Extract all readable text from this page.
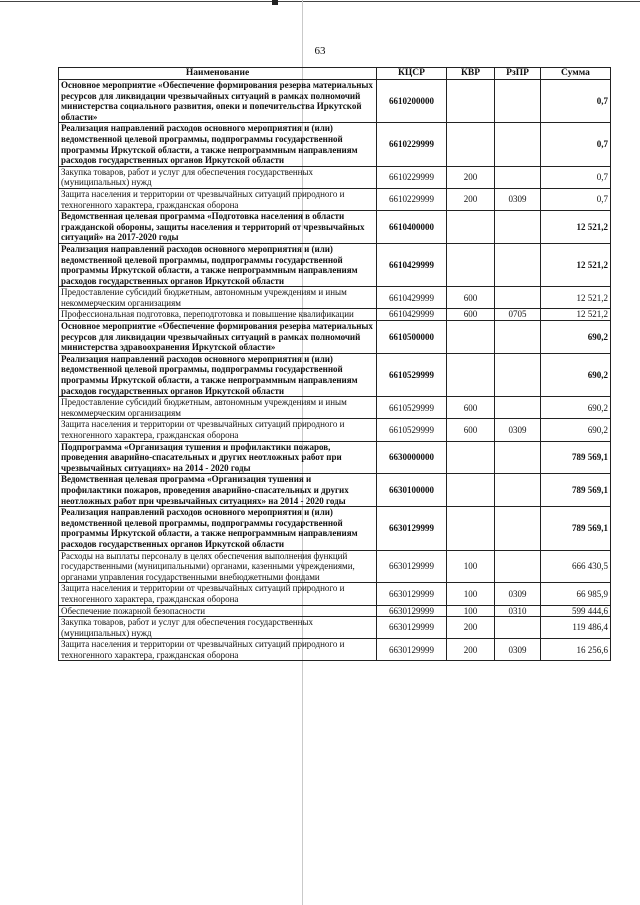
63
Наименование	КЦСР	КВР	РзПР	Сумма
Основное мероприятие «Обеспечение формирования резерва материальных ресурсов для ликвидации чрезвычайных ситуаций в рамках полномочий министерства социального развития, опеки и попечительства Иркутской области»	6610200000			0,7
Реализация направлений расходов основного мероприятия и (или) ведомственной целевой программы, подпрограммы государственной программы Иркутской области, а также непрограммным направлениям расходов государственных органов Иркутской области	6610229999			0,7
Закупка товаров, работ и услуг для обеспечения государственных (муниципальных) нужд	6610229999	200		0,7
Защита населения и территории от чрезвычайных ситуаций природного и техногенного характера, гражданская оборона	6610229999	200	0309	0,7
Ведомственная целевая программа «Подготовка населения в области гражданской обороны, защиты населения и территорий от чрезвычайных ситуаций» на 2017-2020 годы	6610400000			12 521,2
Реализация направлений расходов основного мероприятия и (или) ведомственной целевой программы, подпрограммы государственной программы Иркутской области, а также непрограммным направлениям расходов государственных органов Иркутской области	6610429999			12 521,2
Предоставление субсидий бюджетным, автономным учреждениям и иным некоммерческим организациям	6610429999	600		12 521,2
Профессиональная подготовка, переподготовка и повышение квалификации	6610429999	600	0705	12 521,2
Основное мероприятие «Обеспечение формирования резерва материальных ресурсов для ликвидации чрезвычайных ситуаций в рамках полномочий министерства здравоохранения Иркутской области»	6610500000			690,2
Реализация направлений расходов основного мероприятия и (или) ведомственной целевой программы, подпрограммы государственной программы Иркутской области, а также непрограммным направлениям расходов государственных органов Иркутской области	6610529999			690,2
Предоставление субсидий бюджетным, автономным учреждениям и иным некоммерческим организациям	6610529999	600		690,2
Защита населения и территории от чрезвычайных ситуаций природного и техногенного характера, гражданская оборона	6610529999	600	0309	690,2
Подпрограмма «Организация тушения и профилактики пожаров, проведения аварийно-спасательных и других неотложных работ при чрезвычайных ситуациях» на 2014 - 2020 годы	6630000000			789 569,1
Ведомственная целевая программа «Организация тушения и профилактики пожаров, проведения аварийно-спасательных и других неотложных работ при чрезвычайных ситуациях» на 2014 - 2020 годы	6630100000			789 569,1
Реализация направлений расходов основного мероприятия и (или) ведомственной целевой программы, подпрограммы государственной программы Иркутской области, а также непрограммным направлениям расходов государственных органов Иркутской области	6630129999			789 569,1
Расходы на выплаты персоналу в целях обеспечения выполнения функций государственными (муниципальными) органами, казенными учреждениями, органами управления государственными внебюджетными фондами	6630129999	100		666 430,5
Защита населения и территории от чрезвычайных ситуаций природного и техногенного характера, гражданская оборона	6630129999	100	0309	66 985,9
Обеспечение пожарной безопасности	6630129999	100	0310	599 444,6
Закупка товаров, работ и услуг для обеспечения государственных (муниципальных) нужд	6630129999	200		119 486,4
Защита населения и территории от чрезвычайных ситуаций природного и техногенного характера, гражданская оборона	6630129999	200	0309	16 256,6
